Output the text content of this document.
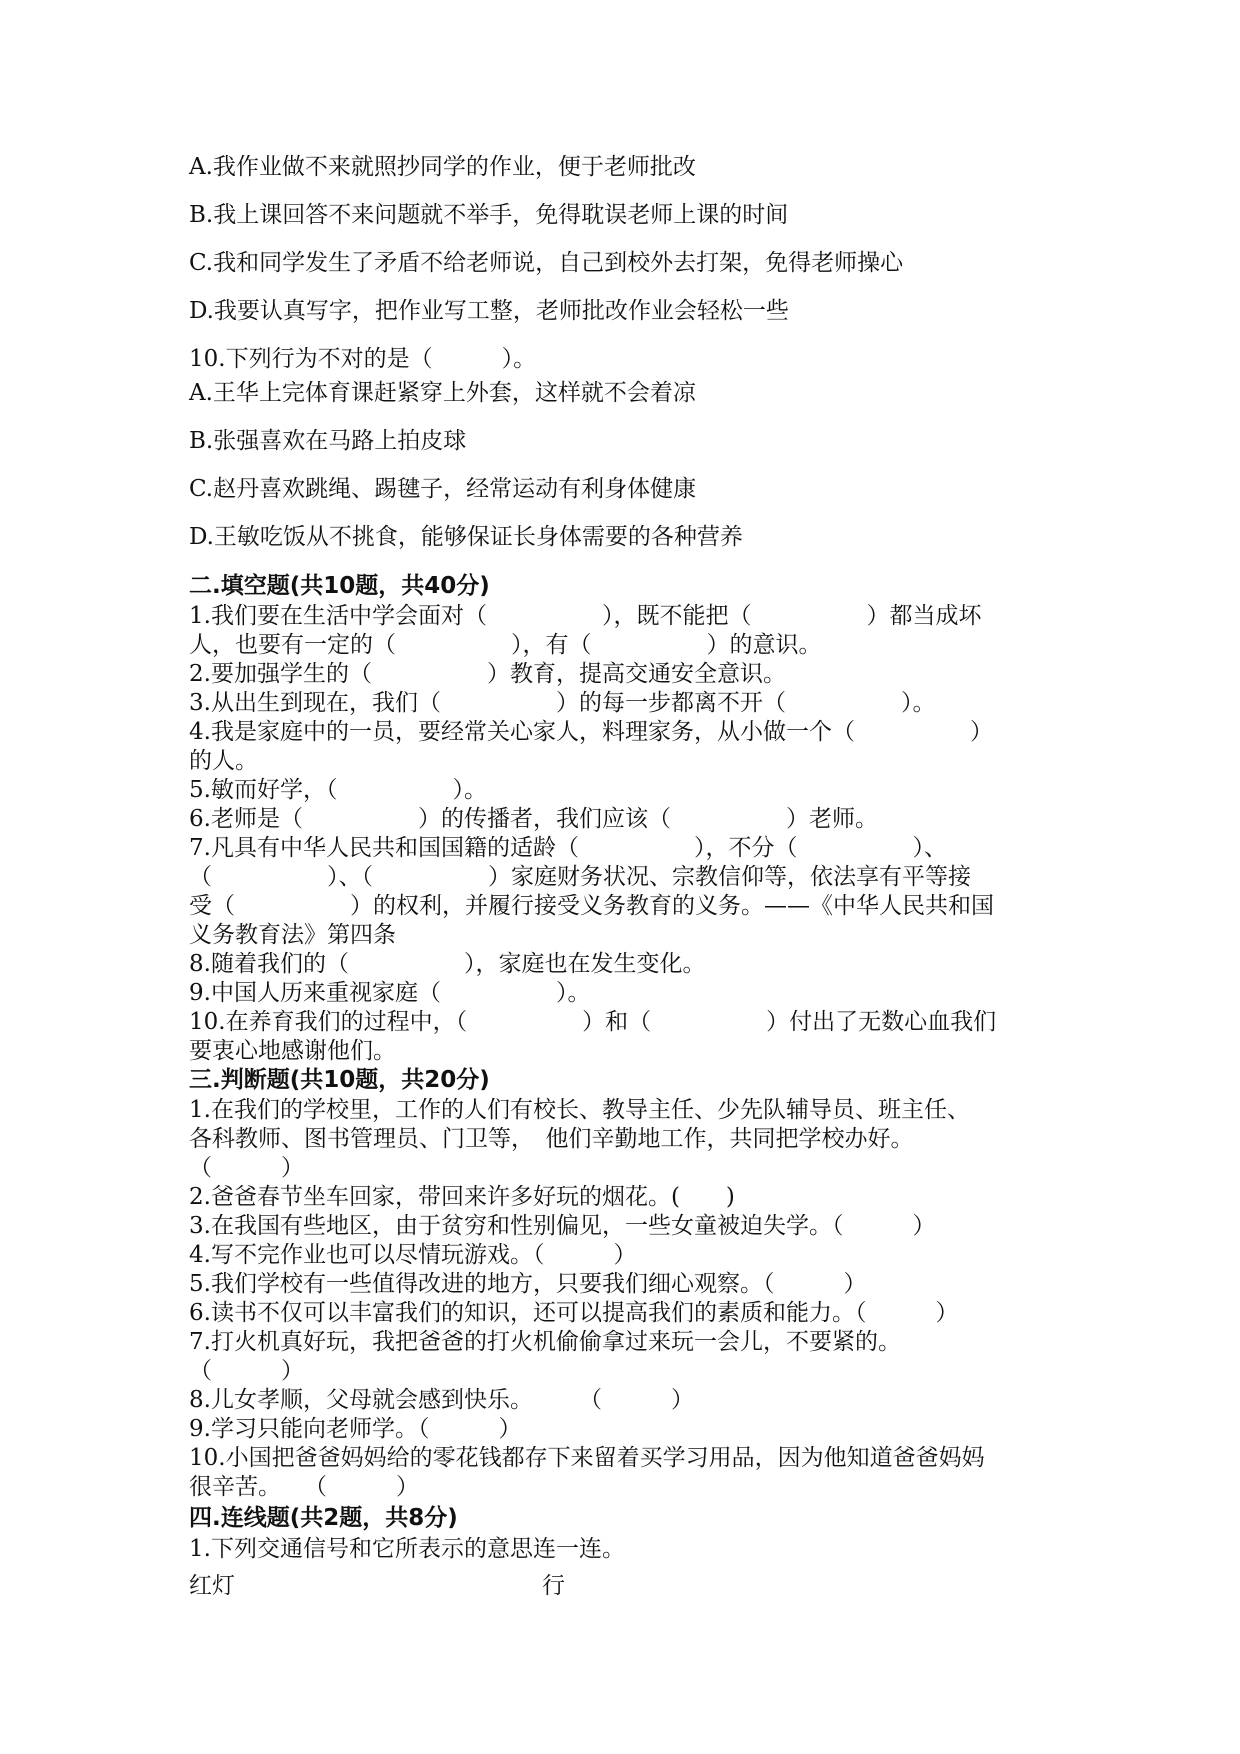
A.我作业做不来就照抄同学的作业，便于老师批改
B.我上课回答不来问题就不举手，免得耽误老师上课的时间
C.我和同学发生了矛盾不给老师说，自己到校外去打架，免得老师操心
D.我要认真写字，把作业写工整，老师批改作业会轻松一些
10.下列行为不对的是（　　　）。
A.王华上完体育课赶紧穿上外套，这样就不会着凉
B.张强喜欢在马路上拍皮球
C.赵丹喜欢跳绳、踢毽子，经常运动有利身体健康
D.王敏吃饭从不挑食，能够保证长身体需要的各种营养
二.填空题(共10题，共40分)
1.我们要在生活中学会面对（　　　　　），既不能把（　　　　　）都当成坏
人，也要有一定的（　　　　　），有（　　　　　）的意识。
2.要加强学生的（　　　　　）教育，提高交通安全意识。
3.从出生到现在，我们（　　　　　）的每一步都离不开（　　　　　）。
4.我是家庭中的一员，要经常关心家人，料理家务，从小做一个（　　　　　）
的人。
5.敏而好学，（　　　　　）。
6.老师是（　　　　　）的传播者，我们应该（　　　　　）老师。
7.凡具有中华人民共和国国籍的适龄（　　　　　），不分（　　　　　）、
（　　　　　）、（　　　　　）家庭财务状况、宗教信仰等，依法享有平等接
受（　　　　　）的权利，并履行接受义务教育的义务。——《中华人民共和国
义务教育法》第四条
8.随着我们的（　　　　　），家庭也在发生变化。
9.中国人历来重视家庭（　　　　　）。
10.在养育我们的过程中，（　　　　　）和（　　　　　）付出了无数心血我们
要衷心地感谢他们。
三.判断题(共10题，共20分)
1.在我们的学校里，工作的人们有校长、教导主任、少先队辅导员、班主任、
各科教师、图书管理员、门卫等，　他们辛勤地工作，共同把学校办好。
（　　　）
2.爸爸春节坐车回家，带回来许多好玩的烟花。(　　)
3.在我国有些地区，由于贫穷和性别偏见，一些女童被迫失学。（　　　）
4.写不完作业也可以尽情玩游戏。（　　　）
5.我们学校有一些值得改进的地方，只要我们细心观察。（　　　）
6.读书不仅可以丰富我们的知识，还可以提高我们的素质和能力。（　　　）
7.打火机真好玩，我把爸爸的打火机偷偷拿过来玩一会儿，不要紧的。
（　　　）
8.儿女孝顺，父母就会感到快乐。　　　（　　　）
9.学习只能向老师学。（　　　）
10.小国把爸爸妈妈给的零花钱都存下来留着买学习用品，因为他知道爸爸妈妈
很辛苦。　　（　　　）
四.连线题(共2题，共8分)
1.下列交通信号和它所表示的意思连一连。
红灯	行
